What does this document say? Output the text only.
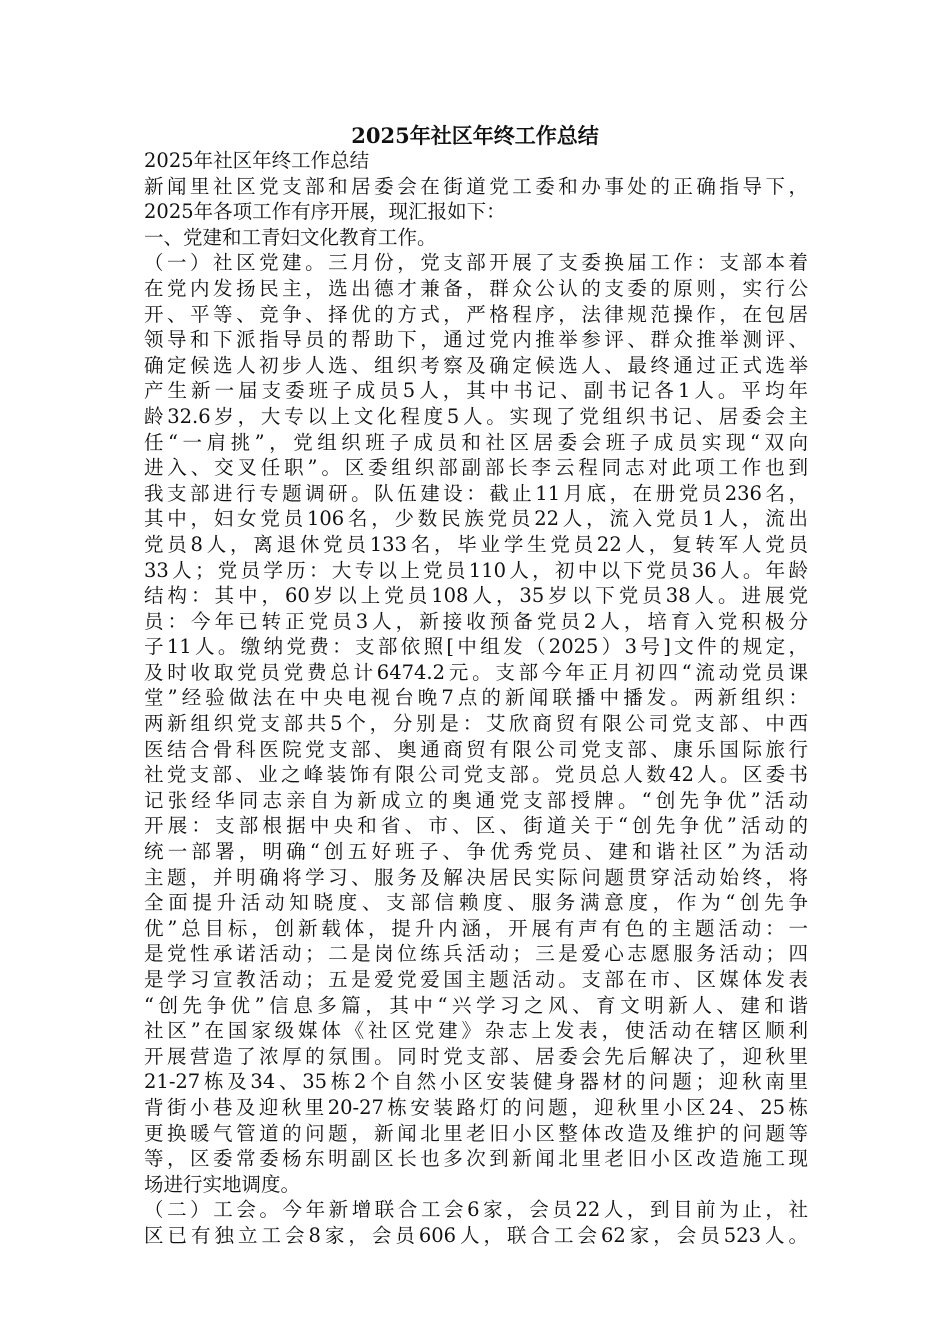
2025年社区年终工作总结
2025年社区年终工作总结
新闻里社区党支部和居委会在街道党工委和办事处的正确指导下，
2025年各项工作有序开展，现汇报如下：
一、党建和工青妇文化教育工作。
（一）社区党建。三月份，党支部开展了支委换届工作：支部本着
在党内发扬民主，选出德才兼备，群众公认的支委的原则，实行公
开、平等、竞争、择优的方式，严格程序，法律规范操作，在包居
领导和下派指导员的帮助下，通过党内推举参评、群众推举测评、
确定候选人初步人选、组织考察及确定候选人、最终通过正式选举
产生新一届支委班子成员5人，其中书记、副书记各1人。平均年
龄32.6岁，大专以上文化程度5人。实现了党组织书记、居委会主
任“一肩挑”，党组织班子成员和社区居委会班子成员实现“双向
进入、交叉任职”。区委组织部副部长李云程同志对此项工作也到
我支部进行专题调研。队伍建设：截止11月底，在册党员236名，
其中，妇女党员106名，少数民族党员22人，流入党员1人，流出
党员8人，离退休党员133名，毕业学生党员22人，复转军人党员
33人；党员学历：大专以上党员110人，初中以下党员36人。年龄
结构：其中，60岁以上党员108人，35岁以下党员38人。进展党
员：今年已转正党员3人，新接收预备党员2人，培育入党积极分
子11人。缴纳党费：支部依照[中组发（2025）3号]文件的规定，
及时收取党员党费总计6474.2元。支部今年正月初四“流动党员课
堂”经验做法在中央电视台晚7点的新闻联播中播发。两新组织：
两新组织党支部共5个，分别是：艾欣商贸有限公司党支部、中西
医结合骨科医院党支部、奥通商贸有限公司党支部、康乐国际旅行
社党支部、业之峰装饰有限公司党支部。党员总人数42人。区委书
记张经华同志亲自为新成立的奥通党支部授牌。“创先争优”活动
开展：支部根据中央和省、市、区、街道关于“创先争优”活动的
统一部署，明确“创五好班子、争优秀党员、建和谐社区”为活动
主题，并明确将学习、服务及解决居民实际问题贯穿活动始终，将
全面提升活动知晓度、支部信赖度、服务满意度，作为“创先争
优”总目标，创新载体，提升内涵，开展有声有色的主题活动：一
是党性承诺活动；二是岗位练兵活动；三是爱心志愿服务活动；四
是学习宣教活动；五是爱党爱国主题活动。支部在市、区媒体发表
“创先争优”信息多篇，其中“兴学习之风、育文明新人、建和谐
社区”在国家级媒体《社区党建》杂志上发表，使活动在辖区顺利
开展营造了浓厚的氛围。同时党支部、居委会先后解决了，迎秋里
21-27栋及34、35栋2个自然小区安装健身器材的问题；迎秋南里
背街小巷及迎秋里20-27栋安装路灯的问题，迎秋里小区24、25栋
更换暖气管道的问题，新闻北里老旧小区整体改造及维护的问题等
等，区委常委杨东明副区长也多次到新闻北里老旧小区改造施工现
场进行实地调度。
（二）工会。今年新增联合工会6家，会员22人，到目前为止，社
区已有独立工会8家，会员606人，联合工会62家，会员523人。
